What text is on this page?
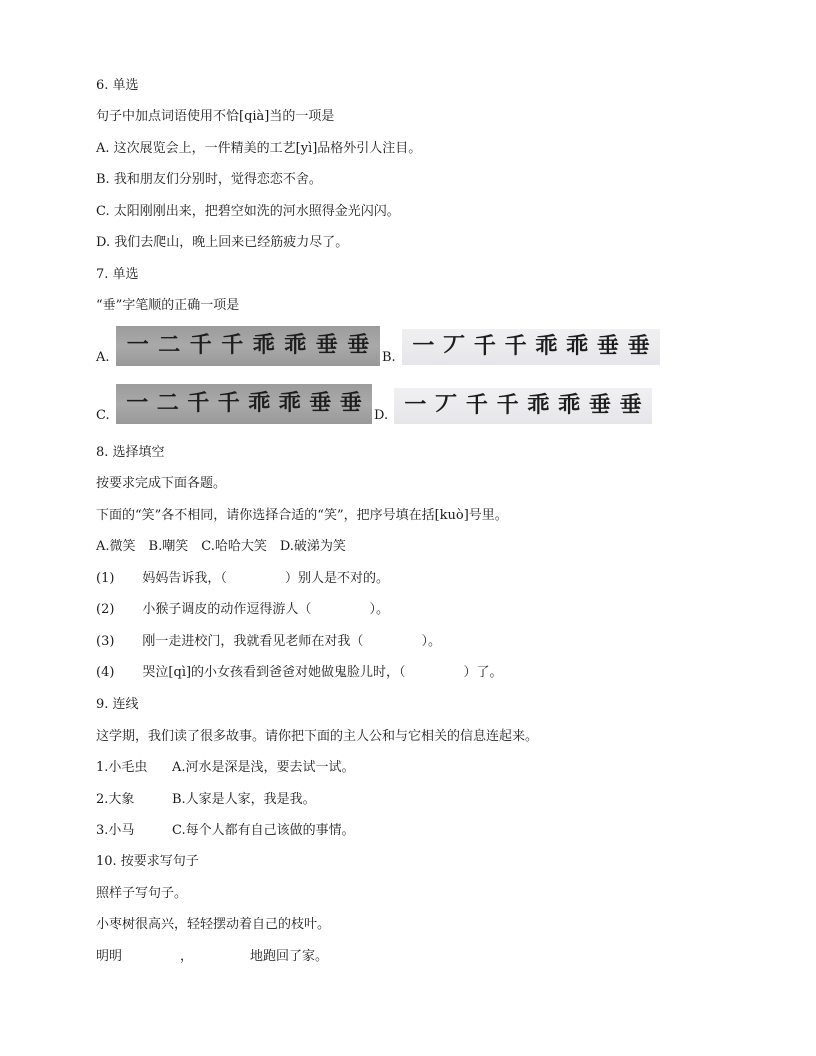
6. 单选
句子中加点词语使用不恰[qià]当的一项是
A. 这次展览会上，一件精美的工艺[yì]品格外引人注目。
B. 我和朋友们分别时，觉得恋恋不舍。
C. 太阳刚刚出来，把碧空如洗的河水照得金光闪闪。
D. 我们去爬山，晚上回来已经筋疲力尽了。
7. 单选
“垂”字笔顺的正确一项是
A. 一 二 千 千 乖 乖 垂 垂 B. 一 丆 千 千 乖 乖 垂 垂
C. 一 二 千 千 乖 乖 垂 垂 D. 一 丆 千 千 乖 乖 垂 垂
8. 选择填空
按要求完成下面各题。
下面的“笑”各不相同，请你选择合适的“笑”，把序号填在括[kuò]号里。
A.微笑　B.嘲笑　C.哈哈大笑　D.破涕为笑
(1) 妈妈告诉我，（	）别人是不对的。
(2) 小猴子调皮的动作逗得游人（	）。
(3) 刚一走进校门，我就看见老师在对我（	）。
(4) 哭泣[qì]的小女孩看到爸爸对她做鬼脸儿时，（	）了。
9. 连线
这学期，我们读了很多故事。请你把下面的主人公和与它相关的信息连起来。
1.小毛虫 A.河水是深是浅，要去试一试。
2.大象	B.人家是人家，我是我。
3.小马	C.每个人都有自己该做的事情。
10. 按要求写句子
照样子写句子。
小枣树很高兴，轻轻摆动着自己的枝叶。
明明	，	地跑回了家。
